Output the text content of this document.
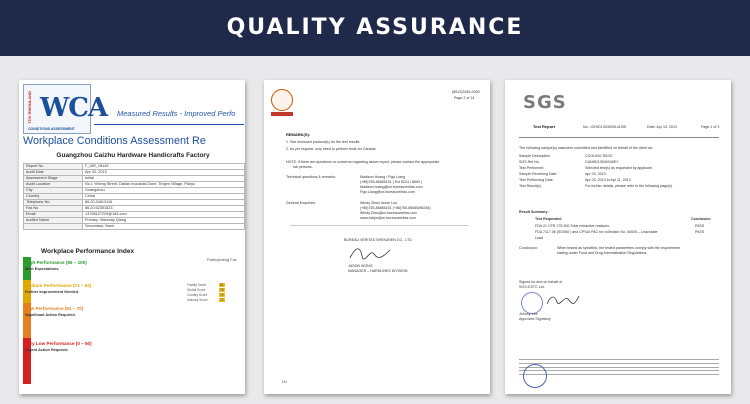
QUALITY ASSURANCE
TÜV RHEINLAND WCA
CONDITIONS ASSESSMENT
Measured Results - Improved Perfo
Workplace Conditions Assessment Re
Guangzhou Caizhu Hardware Handicrafts Factory
Report No	F_IAR_18149
Audit Date	Apr 22, 2013
Assessment Stage	Initial
Audit Location	No.1 Yiheng Street, Daban Industrial Zone, Tingen Village, Panyu
City	Guangzhou
Country	China
Telephone No	86.20.34813116
Fax No	86.20.62351823
Email	13798127229@163.com
Auditor Name	Primary: Manmay Qiang
	Secondary: None
Workplace Performance Index
Participating Fac
High Performance (85 – 100)
Meet Expectations.
Medium Performance (71 – 84)
Further Improvement Needed.
Low Performance (51 – 70)
Significant Action Required.
Very Low Performance (0 – 50)
Urgent Action Required.
Facility Score	82
Global Score	75
Country Score	70
Industry Score	72
(8512)2045-0030
Page 2 of 14
REMARK(S):
1. See enclosed protocol(s) for the test results.
2. As per request, only need to perform tests for Canada.
NOTE: If there are questions or concerns regarding above report, please contact the appropriate
lab persons.
Technical questions & remarks:	Madison Huang / Figo Liang
(+86)755-86666151 ( Ext 8224 / 8663 )
Madison.huang@cn.bureauveritas.com
Figo.Liang@cn.bureauveritas.com
General Enquiries:	Windy Zhou/ Annie Luo
(+86)755-86666151 (+86)755-86665/86246)
Windy.Zhou@cn.bureauveritas.com
www.bvkjm@cn.bureauveritas.com
BUREAU VERITAS SHENZHEN CO., LTD
JASON WONG
MANAGER – HARDLINES DIVISION
LN
SGS
Test Report	No.: GZHD1304009141GB	Date: Apr 13, 2013	Page 1 of 3
The following sample(s) was/were submitted and identified on behalf of the client as:
Sample Description	COOLING RACK
SGS Ref No.	CANHD13040040EY
Test Performed	Selected test(s) as requested by applicant
Sample Receiving Date	Apr 03, 2013
Test Performing Date	Apr 03, 2013 to Apr 11, 2013
Test Result(s)	For further details, please refer to the following page(s)
Result Summary:
Test Requested	Conclusion
FDA 21 CFR 175.300-Total extractive residues	PASS
FDA 7117.06 (SG060 ) and CPSAI PAC for collection No. 04005 – Leachable	PASS
Lead
Conclusion:	When tested as specified, the tested parameters comply with the requirement
stating under Food and Drug Administration Regulations.
Signed for and on behalf of
SGS-CSTC Ltd.
Johnny Lee
Approved Signatory
